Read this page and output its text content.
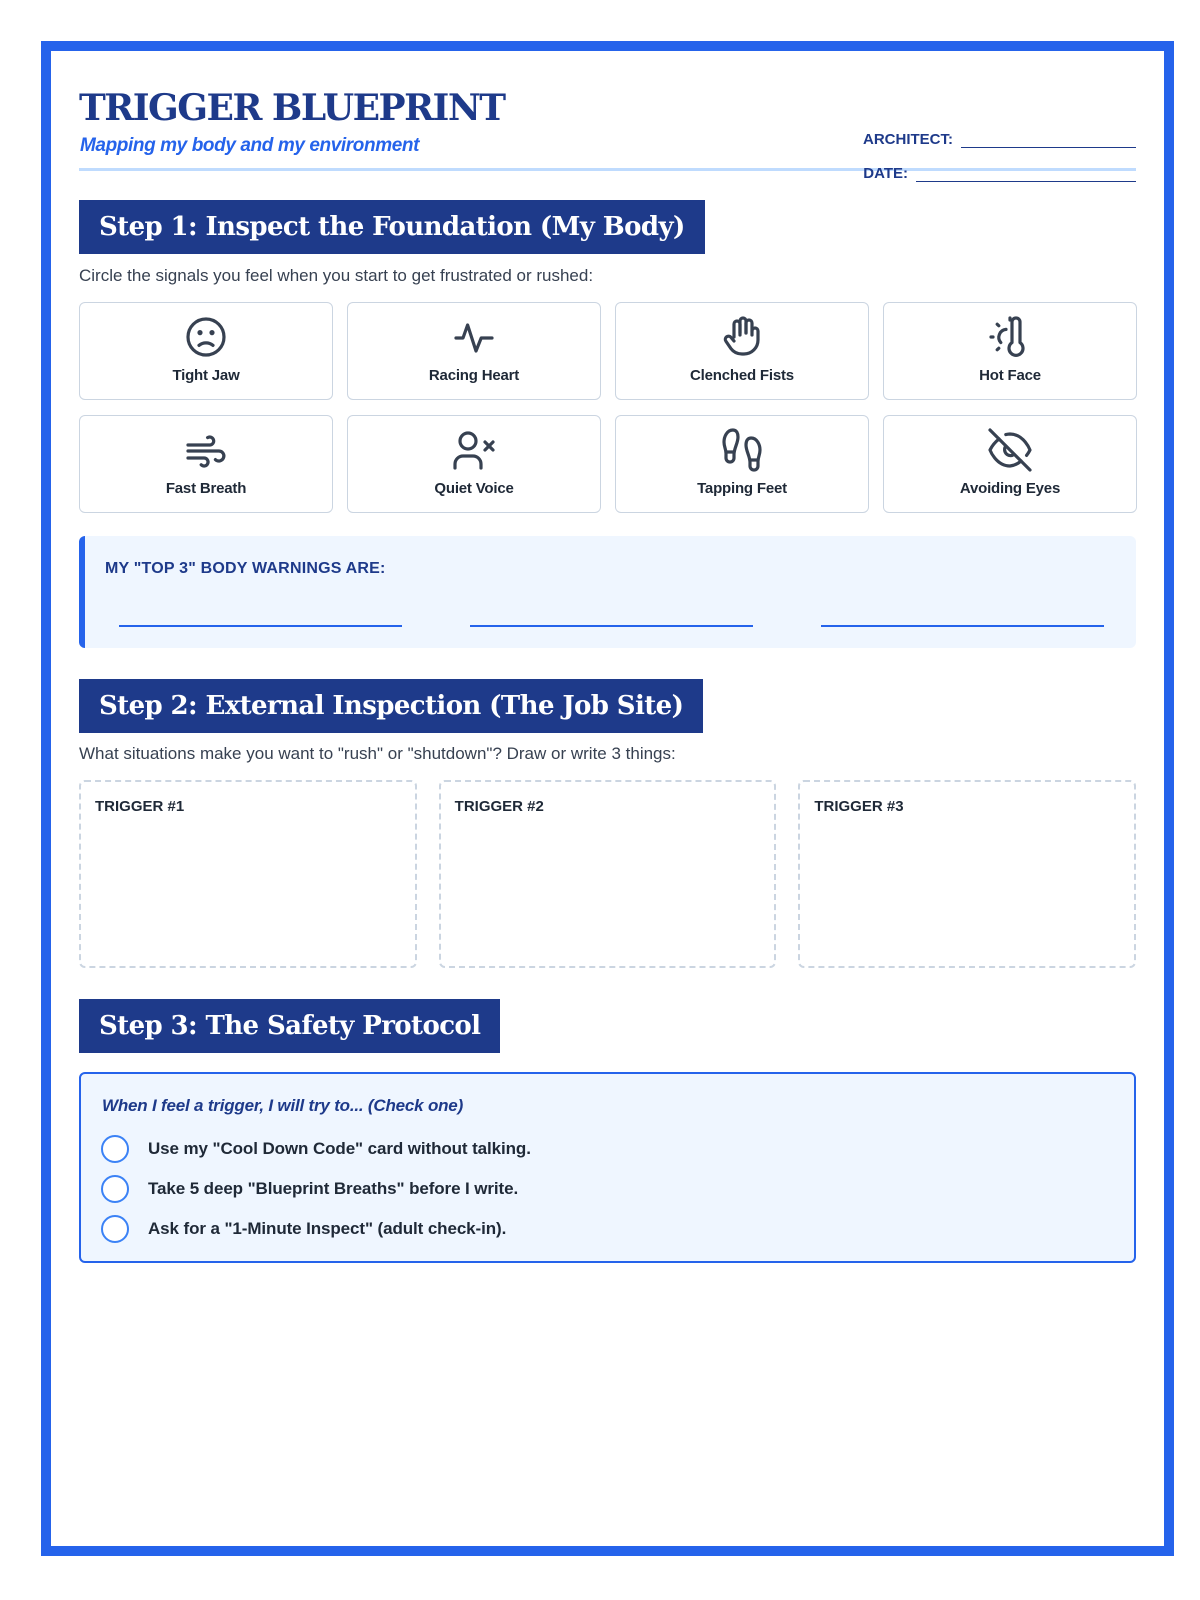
TRIGGER BLUEPRINT
Mapping my body and my environment	ARCHITECT:
DATE:
Step 1: Inspect the Foundation (My Body)
Circle the signals you feel when you start to get frustrated or rushed:
Tight Jaw	Racing Heart	Clenched Fists	Hot Face
Fast Breath	Quiet Voice	Tapping Feet	Avoiding Eyes
MY "TOP 3" BODY WARNINGS ARE:
Step 2: External Inspection (The Job Site)
What situations make you want to "rush" or "shutdown"? Draw or write 3 things:
TRIGGER #1	TRIGGER #2	TRIGGER #3
Step 3: The Safety Protocol
When I feel a trigger, I will try to... (Check one)
Use my "Cool Down Code" card without talking.
Take 5 deep "Blueprint Breaths" before I write.
Ask for a "1-Minute Inspect" (adult check-in).
